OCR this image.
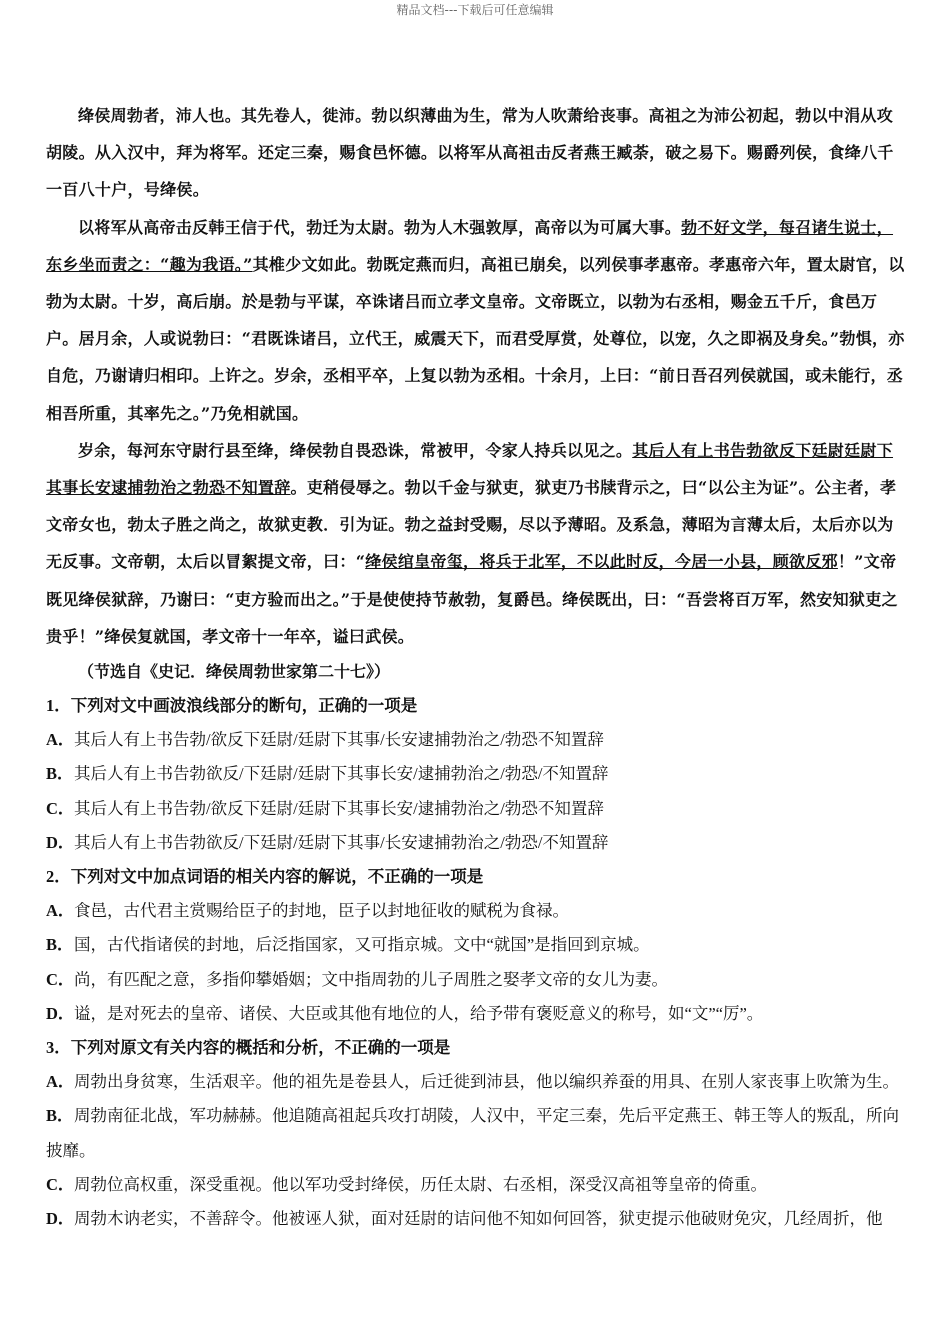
精品文档---下载后可任意编辑

绛侯周勃者，沛人也。其先卷人，徙沛。勃以织薄曲为生，常为人吹萧给丧事。高祖之为沛公初起，勃以中涓从攻胡陵。从入汉中，拜为将军。还定三秦，赐食邑怀德。以将军从高祖击反者燕王臧荼，破之易下。赐爵列侯，食绛八千一百八十户，号绛侯。

以将军从高帝击反韩王信于代，勃迁为太尉。勃为人木强敦厚，高帝以为可属大事。勃不好文学，每召诸生说士，东乡坐而责之：“趣为我语。”其椎少文如此。勃既定燕而归，高祖已崩矣，以列侯事孝惠帝。孝惠帝六年，置太尉官，以勃为太尉。十岁，高后崩。於是勃与平谋，卒诛诸吕而立孝文皇帝。文帝既立，以勃为右丞相，赐金五千斤，食邑万户。居月余，人或说勃曰：“君既诛诸吕，立代王，威震天下，而君受厚赏，处尊位，以宠，久之即祸及身矣。”勃惧，亦自危，乃谢请归相印。上许之。岁余，丞相平卒，上复以勃为丞相。十余月，上曰：“前日吾召列侯就国，或未能行，丞相吾所重，其率先之。”乃免相就国。

岁余，每河东守尉行县至绛，绛侯勃自畏恐诛，常被甲，令家人持兵以见之。其后人有上书告勃欲反下廷尉廷尉下其事长安逮捕勃治之勃恐不知置辞。吏稍侵辱之。勃以千金与狱吏，狱吏乃书牍背示之，曰“以公主为证”。公主者，孝文帝女也，勃太子胜之尚之，故狱吏教．引为证。勃之益封受赐，尽以予薄昭。及系急，薄昭为言薄太后，太后亦以为无反事。文帝朝，太后以冒絮提文帝，曰：“绛侯绾皇帝玺，将兵于北军，不以此时反，今居一小县，顾欲反邪！”文帝既见绛侯狱辞，乃谢曰：“吏方验而出之。”于是使使持节赦勃，复爵邑。绛侯既出，曰：“吾尝将百万军，然安知狱吏之贵乎！”绛侯复就国，孝文帝十一年卒，谥曰武侯。

（节选自《史记．绛侯周勃世家第二十七》）

1．下列对文中画波浪线部分的断句，正确的一项是

A．其后人有上书告勃/欲反下廷尉/廷尉下其事/长安逮捕勃治之/勃恐不知置辞

B．其后人有上书告勃欲反/下廷尉/廷尉下其事长安/逮捕勃治之/勃恐/不知置辞

C．其后人有上书告勃/欲反下廷尉/廷尉下其事长安/逮捕勃治之/勃恐不知置辞

D．其后人有上书告勃欲反/下廷尉/廷尉下其事/长安逮捕勃治之/勃恐/不知置辞

2．下列对文中加点词语的相关内容的解说，不正确的一项是

A．食邑，古代君主赏赐给臣子的封地，臣子以封地征收的赋税为食禄。

B．国，古代指诸侯的封地，后泛指国家，又可指京城。文中“就国”是指回到京城。

C．尚，有匹配之意，多指仰攀婚姻；文中指周勃的儿子周胜之娶孝文帝的女儿为妻。

D．谥，是对死去的皇帝、诸侯、大臣或其他有地位的人，给予带有褒贬意义的称号，如“文”“厉”。

3．下列对原文有关内容的概括和分析，不正确的一项是

A．周勃出身贫寒，生活艰辛。他的祖先是卷县人，后迁徙到沛县，他以编织养蚕的用具、在别人家丧事上吹箫为生。

B．周勃南征北战，军功赫赫。他追随高祖起兵攻打胡陵，人汉中，平定三秦，先后平定燕王、韩王等人的叛乱，所向披靡。

C．周勃位高权重，深受重视。他以军功受封绛侯，历任太尉、右丞相，深受汉高祖等皇帝的倚重。

D．周勃木讷老实，不善辞令。他被诬人狱，面对廷尉的诘问他不知如何回答，狱吏提示他破财免灾，几经周折，他
